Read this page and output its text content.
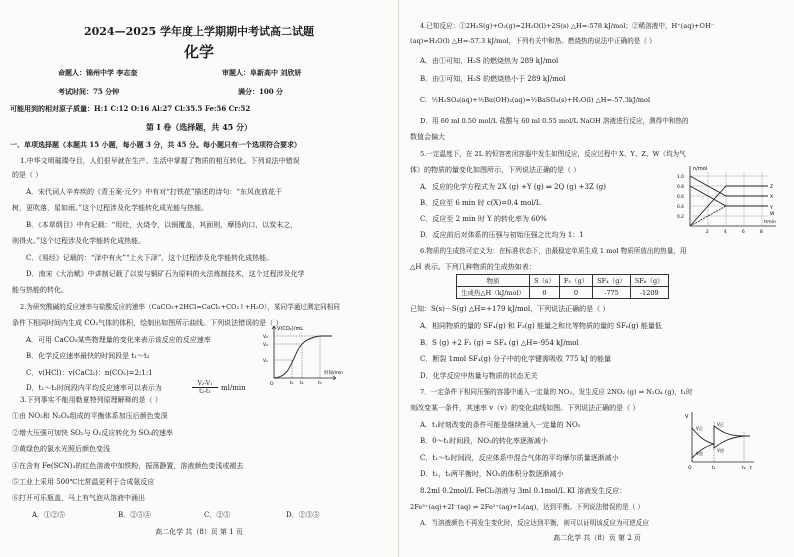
2024—2025 学年度上学期期中考试高二试题
化学
命题人：锦州中学 李志奎	审题人：阜新高中 刘欣妍
考试时间：75 分钟	满分：100 分
可能用到的相对原子质量：H:1 C:12 O:16 Al:27 Cl:35.5 Fe:56 Cr:52
第 Ⅰ 卷（选择题，共 45 分）
一、单项选择题（本题共 15 小题，每小题 3 分，共 45 分。每小题只有一个选项符合要求）
1.中华文明璀璨夺目，人们很早就在生产、生活中掌握了物质的相互转化。下列说法中错误
的是（ ）
A．宋代词人辛弃疾的《青玉案·元夕》中有对“打铁花”描述的诗句：“东风夜放花千
树，更吹落，星如雨。”这个过程涉及化学能转化成光能与热能。
B．《本草纲目》中有记载：“用灶，火烧令，以锅覆盖，其面则，摩扬向口，以炭末之，
则得火。”这个过程涉及化学能转化成热能。
C．《易经》记载的：“泽中有火”“上火下泽”，这个过程涉及化学能转化成热能。
D．南宋《大冶赋》中讲制记载了以炭与铜矿石为原料的火法炼制技术，这个过程涉及化学
能与热能的转化。
2.为研究酸碱的反应速率与盐酸反应的速率（CaCO₃+2HCl=CaCl₂+CO₂↑+H₂O），某同学通过测定同相同
条件下相同时间内生成 CO₂气体的体积，绘制出如图所示曲线。下列说法错误的是（ ）
A．可用 CaCO₃某些物理量的变化来表示该反应的反应速率
B．化学反应速率最快的时间段是 t₁～t₂
C．v(HCl)：v(CaCl₂)：n(CO₂)=2:1:1
D．t₁～t₂时间段内平均反应速率可以表示为
V₂-V₁
t₂-t₁	ml/min
V(CO₂)/mL
V₃
V₂
V₁
O	t₁ t₂	t₃
时间/min
3.下列事实不能用勒夏特列原理解释的是（ ）
①由 NO₂和 N₂O₄组成的平衡体系加压后颜色变深
②增大压强可加快 SO₂与 O₂反应转化为 SO₃的速率
③黄绿色的氯水光照后颜色变浅
④在含有 Fe(SCN)₃的红色溶液中加铁粉，振荡静置，溶液颜色变浅或褪去
⑤工业上采用 500℃比常温更利于合成氨反应
⑥打开可乐瓶盖，马上有气泡从溶液中涌出
A．①②⑤	B．②⑤④	C．②⑤	D．②③⑤
高二化学 共（8）页 第 1 页
4.已知反应：①2H₂S(g)+O₂(g)=2H₂O(l)+2S(s) △H=-578 kJ/mol；②稀溶液中，H⁺(aq)+OH⁻
(aq)=H₂O(l) △H=-57.3 kJ/mol，下列有关中和热、燃烧热的说法中正确的是（ ）
A．由①可知，H₂S 的燃烧热为 289 kJ/mol
B．由①可知，H₂S 的燃烧热小于 289 kJ/mol
C．½H₂SO₄(aq)+½Ba(OH)₂(aq)=½BaSO₄(s)+H₂O(l) △H=-57.3kJ/mol
D．用 60 ml 0.50 mol/L 盐酸与 60 ml 0.55 mol/L NaOH 溶液进行反应，测得中和热的
数值会偏大
5.一定温度下，在 2L 的恒容密闭容器中发生如图反应，反应过程中 X、Y、Z、W（均为气
体）的物质的量变化如图所示，下列说法正确的是（ ）
A．反应的化学方程式为 2X (g) +Y (g) ⇌ 2Q (g) +3Z (g)
B．反应至 6 min 时 c(X)=0.4 mol/L
C．反应至 2 min 时 Y 的转化率为 60%
D．反应前后对体系的压强与初始压强之比均为 1：1
n/mol
1.0
0.8
0.6
0.4
0.2
2	4	6	8
t/min
X
Y
Z
W
6.物质的生成热可定义为：在标准状态下，由最稳定单质生成 1 mol 物质所放出的热量，用
△H 表示。下列几种物质的生成热如表：
物质	S（s）	F₂（g）	SF₄（g）	SF₆（g）
生成热△H（kJ/mol）	0	0	-775	-1209
已知：S(s)－S(g) △H=+179 kJ/mol，下列说法正确的是（ ）
A．相同物质的量的 SF₄(g) 和 F₂(g) 能量之和比等物质的量的 SF₆(g) 能量低
B．S (g) +2 F₂ (g) = SF₄ (g) △H=-954 kJ/mol
C．断裂 1mol SF₄(g) 分子中的化学键需吸收 775 kJ 的能量
D．化学反应中热量与物质的状态无关
7．一定条件下相同压强的容器中通入一定量的 NO₂，发生反应 2NO₂ (g) ⇌ N₂O₄ (g)，t₁时
刻改变某一条件，其速率 v（v）的变化曲线如图。下列说法正确的是（ ）
A．t₁时刻改变的条件可能是继续通入一定量的 NO₂
B．0～t₁时间段，NO₂的转化率逐渐减小
C．t₁～t₂时间段，反应体系中混合气体的平均摩尔质量逐渐减小
D．t₁，t₂两平衡时，NO₂的体积分数逐渐减小
V
O
V正
V逆
V正
V逆
t₁	t₂ t
8.2ml 0.2mol/L FeCl₃溶液与 3ml 0.1mol/L KI 溶液发生反应：
2Fe³⁺(aq)+2I⁻(aq) ⇌ 2Fe²⁺(aq)+I₂(aq)，达到平衡。下列说法错误的是（ ）
A．当溶液颜色不再发生变化时，反应达到平衡，则可以证明该反应为可逆反应
高二化学 共（8）页 第 2 页
